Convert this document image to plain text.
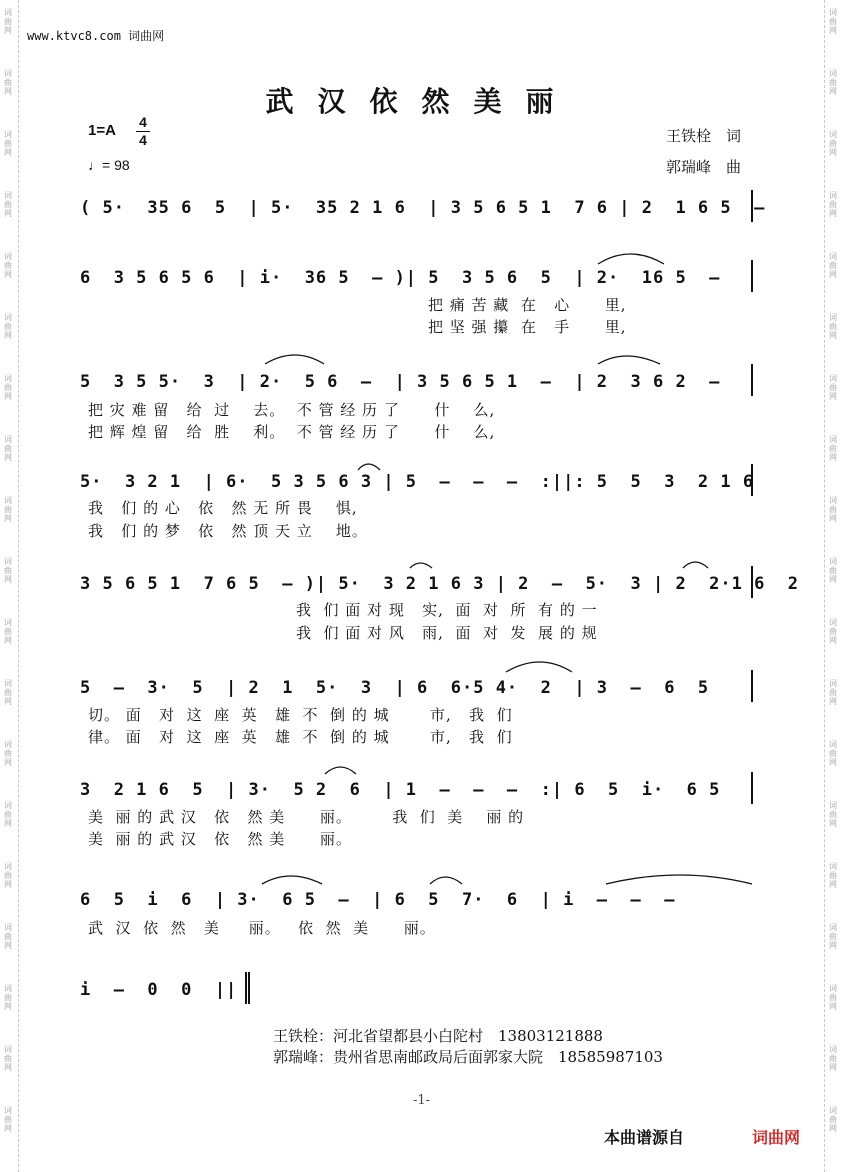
词曲网
词曲网
词曲网
词曲网
词曲网
词曲网
词曲网
词曲网
词曲网
词曲网
词曲网
词曲网
词曲网
词曲网
词曲网
词曲网
词曲网
词曲网
词曲网
词曲网
词曲网
词曲网
词曲网
词曲网
词曲网
词曲网
词曲网
词曲网
词曲网
词曲网
词曲网
词曲网
词曲网
词曲网
词曲网
词曲网
词曲网
词曲网
www.ktvc8.com 词曲网
武汉依然美丽
1=A 4
4
♩= 98
王铁栓　词
郭瑞峰　曲
( 5·  35 6  5  | 5·  35 2 1 6  | 3 5 6 5 1  7 6 | 2  1 6 5  –
6  3 5 6 5 6  | i·  36 5  – )| 5  3 5 6  5  | 2·  16 5  –
把 痛 苦 藏  在   心      里,
把 坚 强 攥  在   手      里,
5  3 5 5·  3  | 2·  5 6  –  | 3 5 6 5 1  –  | 2  3 6 2  –
把 灾 难 留   给  过    去。  不 管 经 历 了      什    么,
把 辉 煌 留   给  胜    利。  不 管 经 历 了      什    么,
5·  3 2 1  | 6·  5 3 5 6 3 | 5  –  –  –  :||: 5  5  3  2 1 6
我   们 的 心   依   然 无 所 畏    惧,
我   们 的 梦   依   然 顶 天 立    地。
3 5 6 5 1  7 6 5  – )| 5·  3 2 1 6 3 | 2  –  5·  3 | 2  2·1 6  2
我  们 面 对 现   实,  面  对  所  有 的 一
我  们 面 对 风   雨,  面  对  发  展 的 规
5  –  3·  5  | 2  1  5·  3  | 6  6·5 4·  2  | 3  –  6  5
切。 面   对  这  座  英   雄  不  倒 的 城       市,   我  们
律。 面   对  这  座  英   雄  不  倒 的 城       市,   我  们
3  2 1 6  5  | 3·  5 2  6  | 1  –  –  –  :| 6  5  i·  6 5
美  丽 的 武 汉   依   然 美      丽。       我  们  美    丽 的
美  丽 的 武 汉   依   然 美      丽。
6  5  i  6  | 3·  6 5  –  | 6  5  7·  6  | i  –  –  –
武  汉  依  然   美     丽。   依  然  美      丽。
i  –  0  0  ||
王铁栓：河北省望都县小白陀村　13803121888
郭瑞峰：贵州省思南邮政局后面郭家大院　18585987103
-1-
本曲谱源自	词曲网
